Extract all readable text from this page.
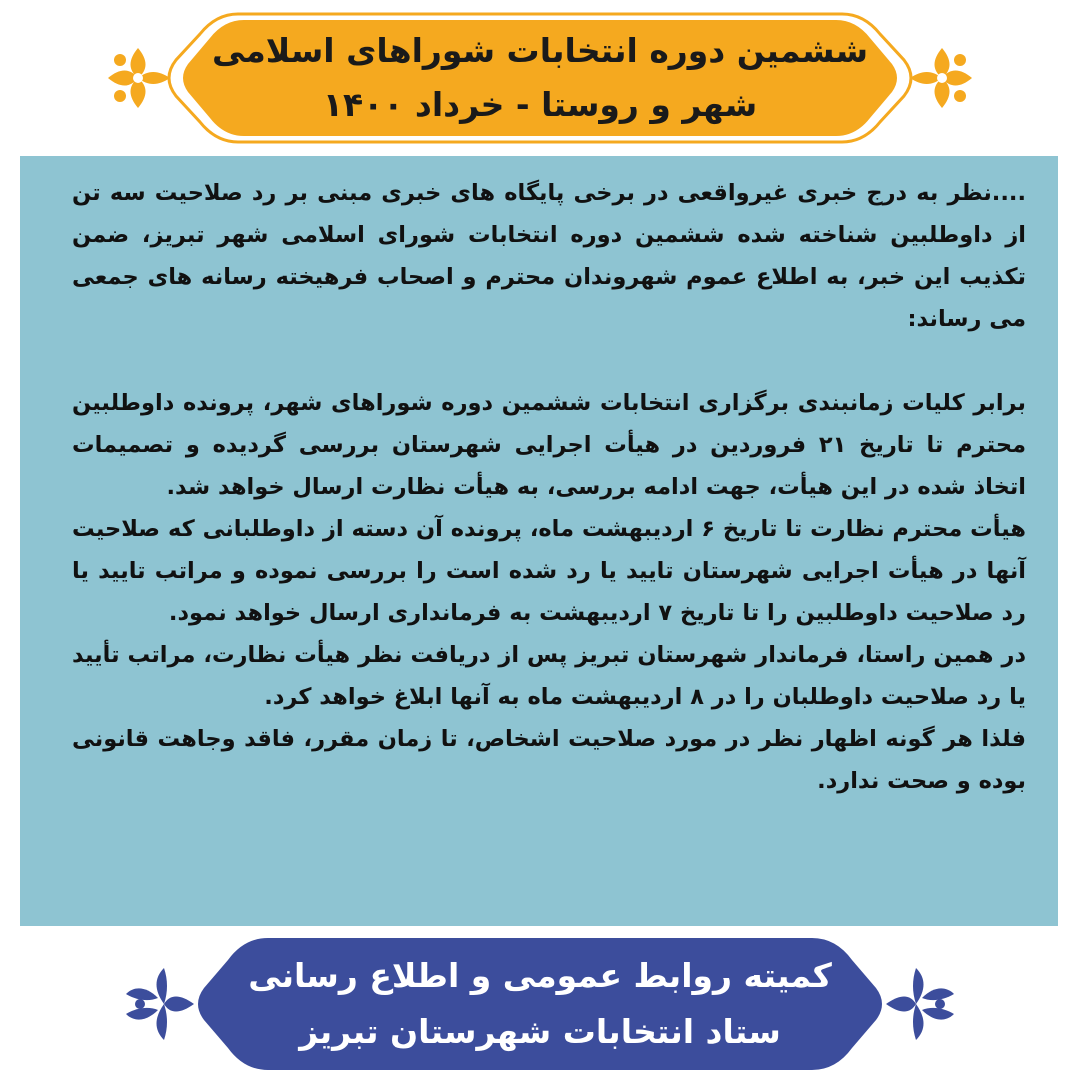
ششمین دوره انتخابات شوراهای اسلامی
شهر و روستا - خرداد ۱۴۰۰

....نظر به درج خبری غیرواقعی در برخی پایگاه های خبری مبنی بر رد صلاحیت سه تن از داوطلبین شناخته شده ششمین دوره انتخابات شورای اسلامی شهر تبریز، ضمن تکذیب این خبر، به اطلاع عموم شهروندان محترم و اصحاب فرهیخته رسانه های جمعی می رساند:

برابر کلیات زمانبندی برگزاری انتخابات ششمین دوره شوراهای شهر، پرونده داوطلبین محترم تا تاریخ ۲۱ فروردین در هیأت اجرایی شهرستان بررسی گردیده و تصمیمات اتخاذ شده در این هیأت، جهت ادامه بررسی، به هیأت نظارت ارسال خواهد شد.

هیأت محترم نظارت تا تاریخ ۶ اردیبهشت ماه، پرونده آن دسته از داوطلبانی که صلاحیت آنها در هیأت اجرایی شهرستان تایید یا رد شده است را بررسی نموده و مراتب تایید یا رد صلاحیت داوطلبین را تا تاریخ ۷ اردیبهشت به فرمانداری ارسال خواهد نمود.

در همین راستا، فرماندار شهرستان تبریز پس از دریافت نظر هیأت نظارت، مراتب تأیید یا رد صلاحیت داوطلبان را در ۸ اردیبهشت ماه به آنها ابلاغ خواهد کرد.

فلذا هر گونه اظهار نظر در مورد صلاحیت اشخاص، تا زمان مقرر، فاقد وجاهت قانونی بوده و صحت ندارد.

کمیته روابط عمومی و اطلاع رسانی
ستاد انتخابات شهرستان تبریز
